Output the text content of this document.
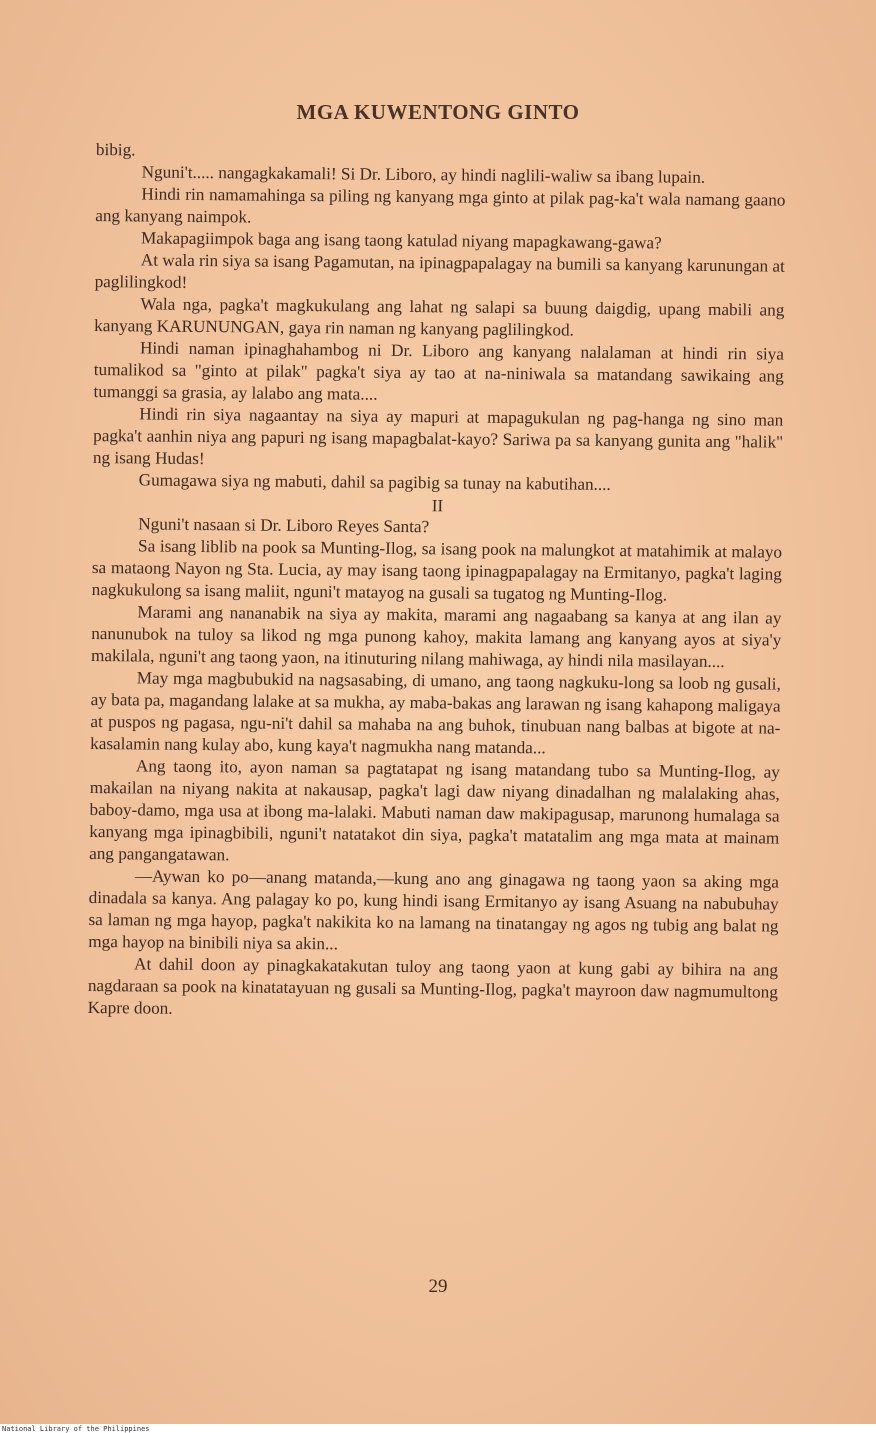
MGA KUWENTONG GINTO

bibig.

Nguni't..... nangagkakamali! Si Dr. Liboro, ay hindi naglili-waliw sa ibang lupain.

Hindi rin namamahinga sa piling ng kanyang mga ginto at pilak pag-ka't wala namang gaano ang kanyang naimpok.

Makapagiimpok baga ang isang taong katulad niyang mapagkawang-gawa?

At wala rin siya sa isang Pagamutan, na ipinagpapalagay na bumili sa kanyang karunungan at paglilingkod!

Wala nga, pagka't magkukulang ang lahat ng salapi sa buung daigdig, upang mabili ang kanyang KARUNUNGAN, gaya rin naman ng kanyang paglilingkod.

Hindi naman ipinaghahambog ni Dr. Liboro ang kanyang nalalaman at hindi rin siya tumalikod sa "ginto at pilak" pagka't siya ay tao at na-niniwala sa matandang sawikaing ang tumanggi sa grasia, ay lalabo ang mata....

Hindi rin siya nagaantay na siya ay mapuri at mapagukulan ng pag-hanga ng sino man pagka't aanhin niya ang papuri ng isang mapagbalat-kayo? Sariwa pa sa kanyang gunita ang "halik" ng isang Hudas!

Gumagawa siya ng mabuti, dahil sa pagibig sa tunay na kabutihan....

II

Nguni't nasaan si Dr. Liboro Reyes Santa?

Sa isang liblib na pook sa Munting-Ilog, sa isang pook na malungkot at matahimik at malayo sa mataong Nayon ng Sta. Lucia, ay may isang taong ipinagpapalagay na Ermitanyo, pagka't laging nagkukulong sa isang maliit, nguni't matayog na gusali sa tugatog ng Munting-Ilog.

Marami ang nananabik na siya ay makita, marami ang nagaabang sa kanya at ang ilan ay nanunubok na tuloy sa likod ng mga punong kahoy, makita lamang ang kanyang ayos at siya'y makilala, nguni't ang taong yaon, na itinuturing nilang mahiwaga, ay hindi nila masilayan....

May mga magbubukid na nagsasabing, di umano, ang taong nagkuku-long sa loob ng gusali, ay bata pa, magandang lalake at sa mukha, ay maba-bakas ang larawan ng isang kahapong maligaya at puspos ng pagasa, ngu-ni't dahil sa mahaba na ang buhok, tinubuan nang balbas at bigote at na-kasalamin nang kulay abo, kung kaya't nagmukha nang matanda...

Ang taong ito, ayon naman sa pagtatapat ng isang matandang tubo sa Munting-Ilog, ay makailan na niyang nakita at nakausap, pagka't lagi daw niyang dinadalhan ng malalaking ahas, baboy-damo, mga usa at ibong ma-lalaki. Mabuti naman daw makipagusap, marunong humalaga sa kanyang mga ipinagbibili, nguni't natatakot din siya, pagka't matatalim ang mga mata at mainam ang pangangatawan.

—Aywan ko po—anang matanda,—kung ano ang ginagawa ng taong yaon sa aking mga dinadala sa kanya. Ang palagay ko po, kung hindi isang Ermitanyo ay isang Asuang na nabubuhay sa laman ng mga hayop, pagka't nakikita ko na lamang na tinatangay ng agos ng tubig ang balat ng mga hayop na binibili niya sa akin...

At dahil doon ay pinagkakatakutan tuloy ang taong yaon at kung gabi ay bihira na ang nagdaraan sa pook na kinatatayuan ng gusali sa Munting-Ilog, pagka't mayroon daw nagmumultong Kapre doon.

29
National Library of the Philippines
